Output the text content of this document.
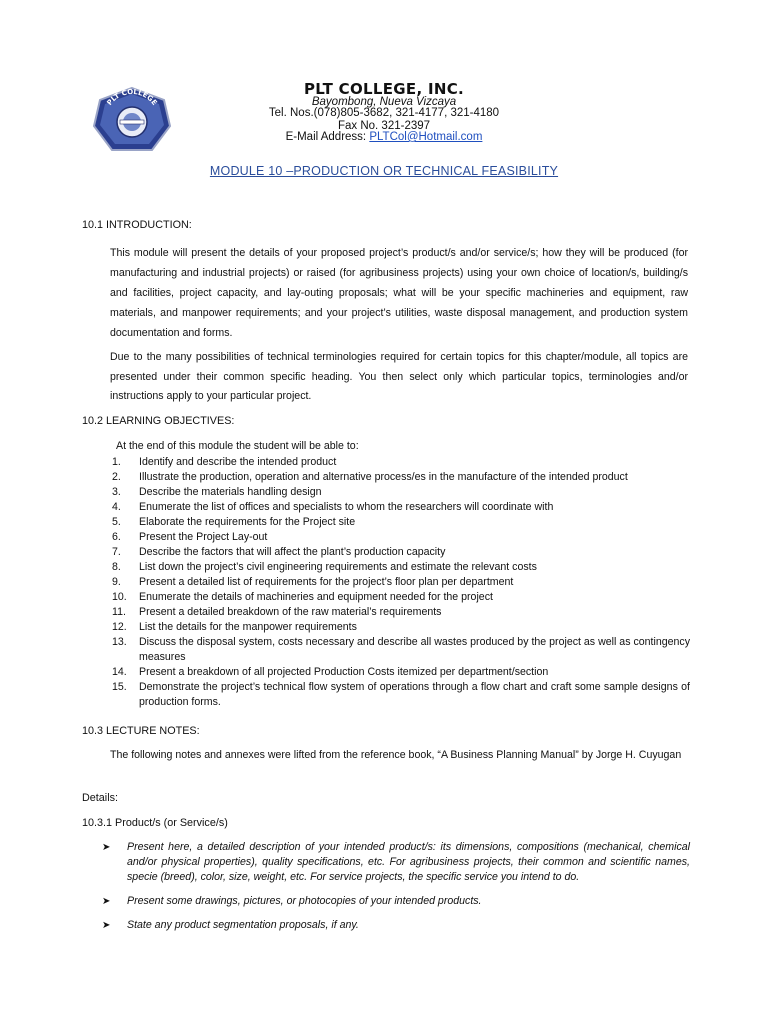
PLT COLLEGE
PLT COLLEGE, INC.
Bayombong, Nueva Vizcaya
Tel. Nos.(078)805-3682, 321-4177, 321-4180
Fax No. 321-2397
E-Mail Address: PLTCol@Hotmail.com
MODULE 10 –PRODUCTION OR TECHNICAL FEASIBILITY
10.1 INTRODUCTION:
This module will present the details of your proposed project’s product/s and/or service/s; how they will be produced (for manufacturing and industrial projects) or raised (for agribusiness projects) using your own choice of location/s, building/s and facilities, project capacity, and lay-outing proposals; what will be your specific machineries and equipment, raw materials, and manpower requirements; and your project’s utilities, waste disposal management, and production system documentation and forms.
Due to the many possibilities of technical terminologies required for certain topics for this chapter/module, all topics are presented under their common specific heading. You then select only which particular topics, terminologies and/or instructions apply to your particular project.
10.2 LEARNING OBJECTIVES:
At the end of this module the student will be able to:
1. Identify and describe the intended product
2. Illustrate the production, operation and alternative process/es in the manufacture of the intended product
3. Describe the materials handling design
4. Enumerate the list of offices and specialists to whom the researchers will coordinate with
5. Elaborate the requirements for the Project site
6. Present the Project Lay-out
7. Describe the factors that will affect the plant’s production capacity
8. List down the project’s civil engineering requirements and estimate the relevant costs
9. Present a detailed list of requirements for the project’s floor plan per department
10. Enumerate the details of machineries and equipment needed for the project
11. Present a detailed breakdown of the raw material’s requirements
12. List the details for the manpower requirements
13. Discuss the disposal system, costs necessary and describe all wastes produced by the project as well as contingency measures
14. Present a breakdown of all projected Production Costs itemized per department/section
15. Demonstrate the project’s technical flow system of operations through a flow chart and craft some sample designs of production forms.
10.3 LECTURE NOTES:
The following notes and annexes were lifted from the reference book, “A Business Planning Manual” by Jorge H. Cuyugan
Details:
10.3.1 Product/s (or Service/s)
➤ Present here, a detailed description of your intended product/s: its dimensions, compositions (mechanical, chemical and/or physical properties), quality specifications, etc. For agribusiness projects, their common and scientific names, specie (breed), color, size, weight, etc. For service projects, the specific service you intend to do.
➤ Present some drawings, pictures, or photocopies of your intended products.
➤ State any product segmentation proposals, if any.
